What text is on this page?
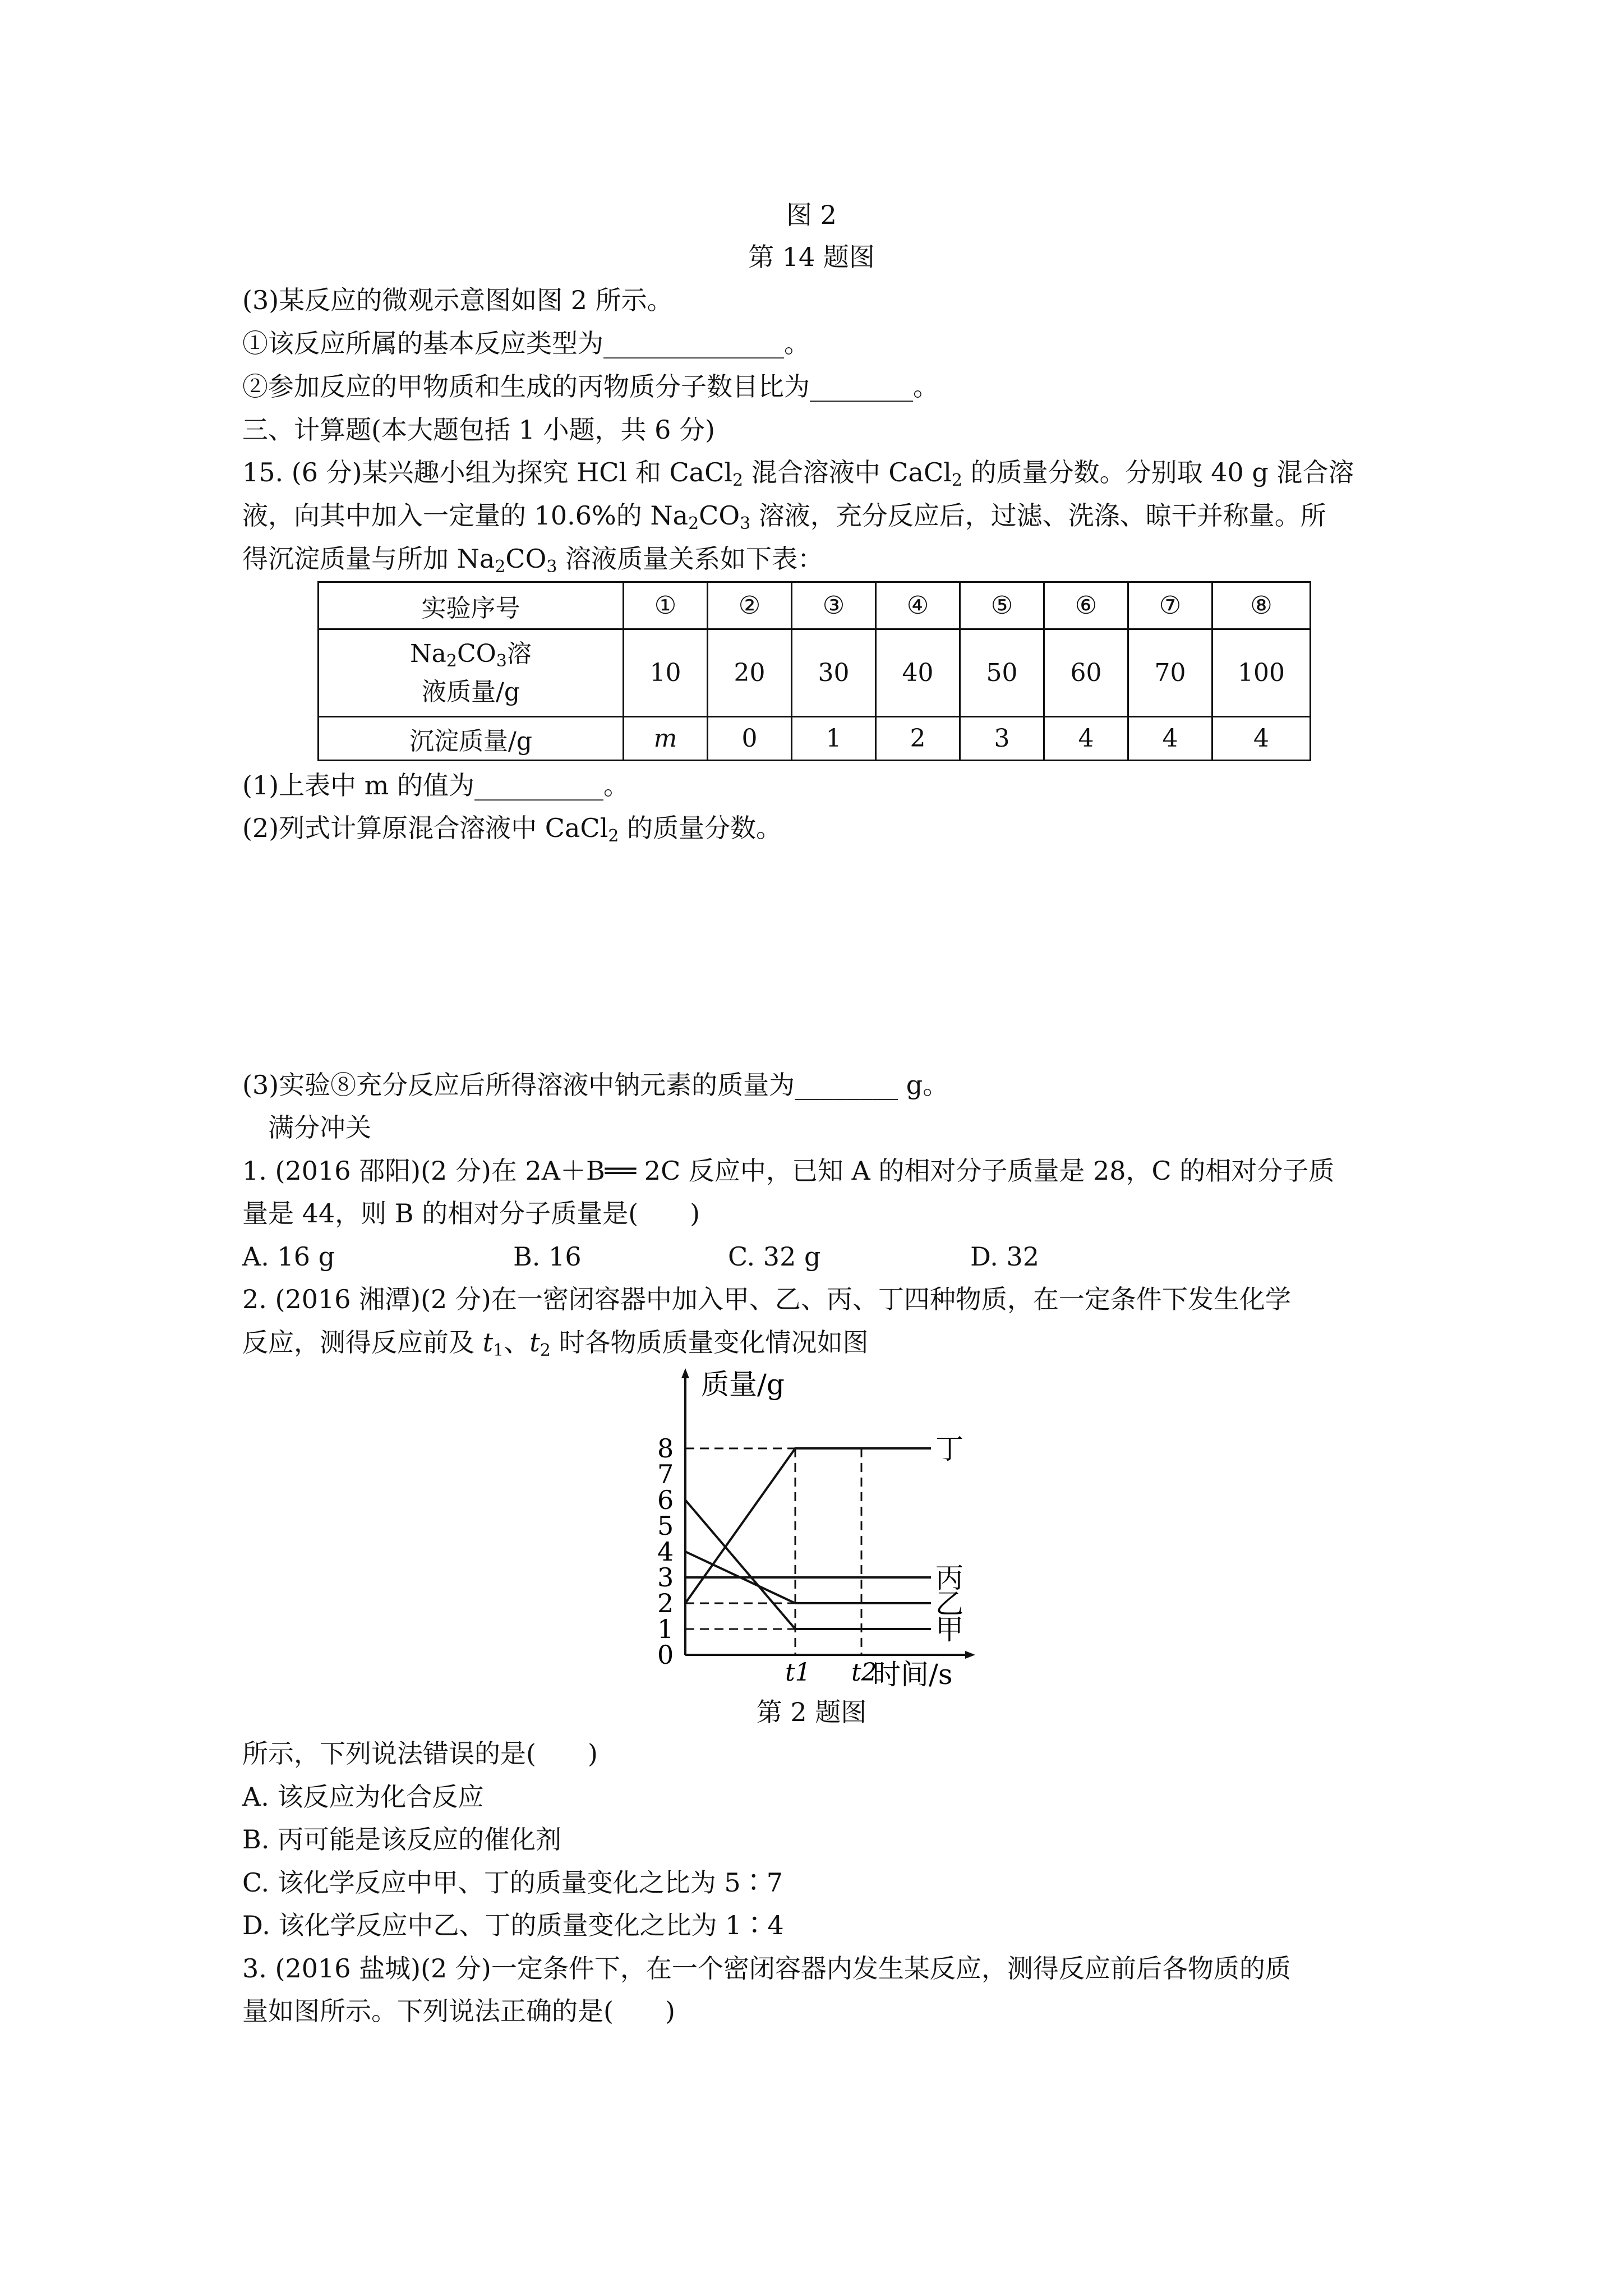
图 2
第 14 题图
(3)某反应的微观示意图如图 2 所示。
①该反应所属的基本反应类型为______________。
②参加反应的甲物质和生成的丙物质分子数目比为________。
三、计算题(本大题包括 1 小题，共 6 分)
15. (6 分)某兴趣小组为探究 HCl 和 CaCl$_2$ 混合溶液中 CaCl$_2$ 的质量分数。分别取 40 g 混合溶
液，向其中加入一定量的 10.6%的 $Na_2CO_3$ 溶液，充分反应后，过滤、洗涤、晾干并称量。所
得沉淀质量与所加 $Na_2CO_3$ 溶液质量关系如下表：
实验序号	①	②	③	④	⑤	⑥	⑦	⑧
$Na_2CO_3$溶
液质量/g	10	20	30	40	50	60	70	100
沉淀质量/g	m	0	1	2	3	4	4	4
(1)上表中 m 的值为__________。
(2)列式计算原混合溶液中 CaCl$_2$ 的质量分数。
(3)实验⑧充分反应后所得溶液中钠元素的质量为________ g。
满分冲关
1. (2016 邵阳)(2 分)在 2A＋B══ 2C 反应中，已知 A 的相对分子质量是 28，C 的相对分子质
量是 44，则 B 的相对分子质量是(　　)
A. 16 g	B. 16	C. 32 g	D. 32
2. (2016 湘潭)(2 分)在一密闭容器中加入甲、乙、丙、丁四种物质，在一定条件下发生化学
反应，测得反应前及 $t_1$、$t_2$ 时各物质质量变化情况如图
质量/g
时间/s
0
1
2
3
4
5
6
7
8	丁
丙
乙
甲
t1 t2
第 2 题图
所示，下列说法错误的是(　　)
A. 该反应为化合反应
B. 丙可能是该反应的催化剂
C. 该化学反应中甲、丁的质量变化之比为 5∶7
D. 该化学反应中乙、丁的质量变化之比为 1∶4
3. (2016 盐城)(2 分)一定条件下，在一个密闭容器内发生某反应，测得反应前后各物质的质
量如图所示。下列说法正确的是(　　)
